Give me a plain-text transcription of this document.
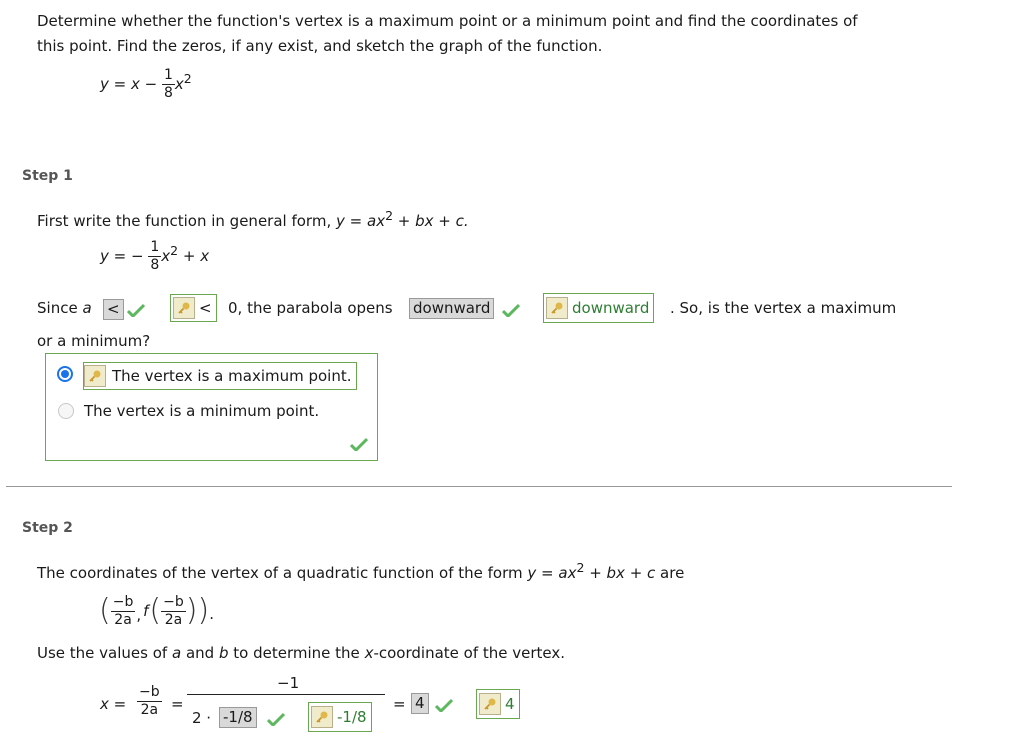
Determine whether the function's vertex is a maximum point or a minimum point and find the coordinates of
this point. Find the zeros, if any exist, and sketch the graph of the function.
$y = x - \frac{1}{8} x^2$
Step 1
First write the function in general form, $y = ax^2$ + bx + c.
y = − $\frac{1}{8} x^2 + x$
Since a <	< 0, the parabola opens downward	downward . So, is the vertex a maximum
or a minimum?
The vertex is a maximum point.
The vertex is a minimum point.
Step 2
The coordinates of the vertex of a quadratic function of the form $y = ax^2$ + bx + c are
( $\frac{-b}{2a}$ , f ( $\frac{-b}{2a}$ ) ) .
Use the values of a and b to determine the x-coordinate of the vertex.
$x = \frac{-b}{2a}$ =
−1
2 · -1/8	-1/8
= 4	4
